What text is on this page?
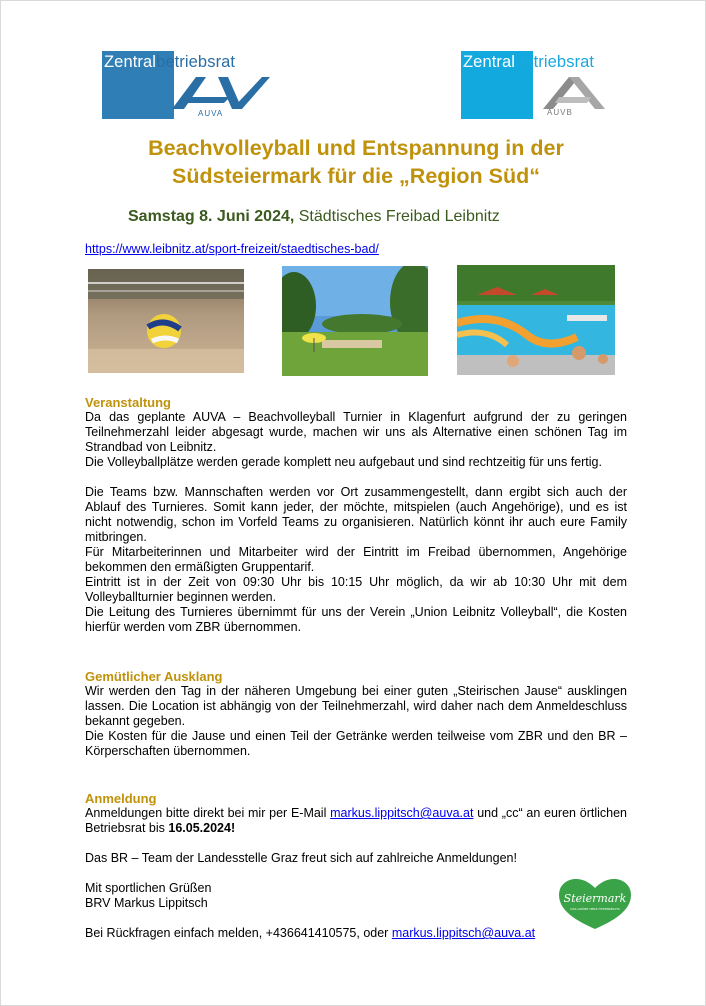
Zentralbetriebsrat
AUVA
Zentralbetriebsrat
AUVB
Beachvolleyball und Entspannung in der
Südsteiermark für die „Region Süd“
Samstag 8. Juni 2024, Städtisches Freibad Leibnitz
https://www.leibnitz.at/sport-freizeit/staedtisches-bad/
Veranstaltung

Da das geplante AUVA – Beachvolleyball Turnier in Klagenfurt aufgrund der zu geringen Teilnehmerzahl leider abgesagt wurde, machen wir uns als Alternative einen schönen Tag im Strandbad von Leibnitz.

Die Volleyballplätze werden gerade komplett neu aufgebaut und sind rechtzeitig für uns fertig.

Die Teams bzw. Mannschaften werden vor Ort zusammengestellt, dann ergibt sich auch der Ablauf des Turnieres. Somit kann jeder, der möchte, mitspielen (auch Angehörige), und es ist nicht notwendig, schon im Vorfeld Teams zu organisieren. Natürlich könnt ihr auch eure Family mitbringen.

Für Mitarbeiterinnen und Mitarbeiter wird der Eintritt im Freibad übernommen, Angehörige bekommen den ermäßigten Gruppentarif.

Eintritt ist in der Zeit von 09:30 Uhr bis 10:15 Uhr möglich, da wir ab 10:30 Uhr mit dem Volleyballturnier beginnen werden.

Die Leitung des Turnieres übernimmt für uns der Verein „Union Leibnitz Volleyball“, die Kosten hierfür werden vom ZBR übernommen.

Gemütlicher Ausklang

Wir werden den Tag in der näheren Umgebung bei einer guten „Steirischen Jause“ ausklingen lassen. Die Location ist abhängig von der Teilnehmerzahl, wird daher nach dem Anmeldeschluss bekannt gegeben.

Die Kosten für die Jause und einen Teil der Getränke werden teilweise vom ZBR und den BR – Körperschaften übernommen.

Anmeldung

Anmeldungen bitte direkt bei mir per E-Mail markus.lippitsch@auva.at und „cc“ an euren örtlichen Betriebsrat bis 16.05.2024!

Das BR – Team der Landesstelle Graz freut sich auf zahlreiche Anmeldungen!

Mit sportlichen Grüßen

BRV Markus Lippitsch

Bei Rückfragen einfach melden, +436641410575, oder markus.lippitsch@auva.at

Steiermark
DAS GRÜNE HERZ ÖSTERREICHS
